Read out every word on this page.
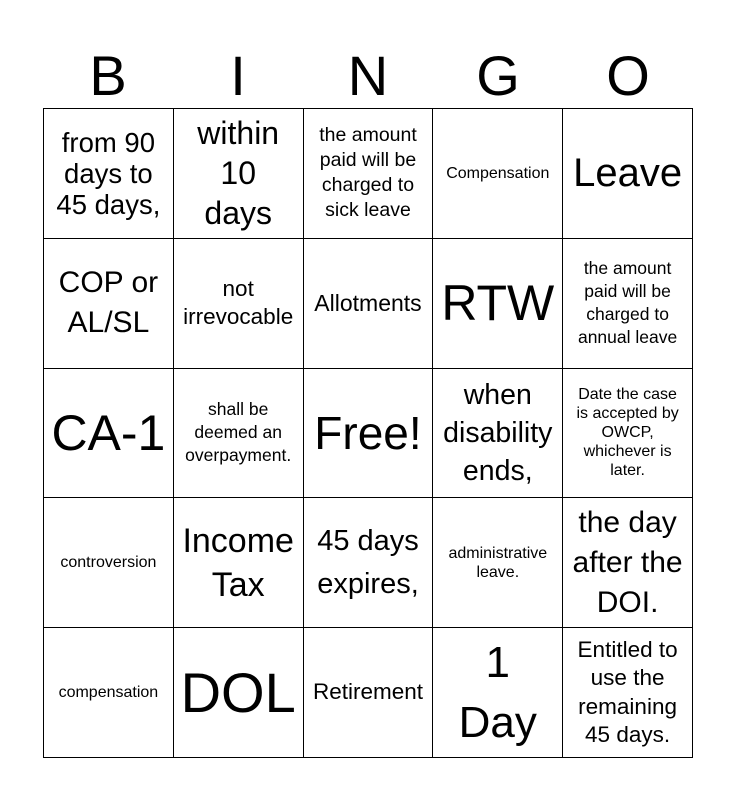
B	I	N	G	O
from 90
days to
45 days,
within
10
days
the amount
paid will be
charged to
sick leave
Compensation Leave
COP or
AL/SL
not
irrevocable
Allotments RTW
the amount
paid will be
charged to
annual leave
CA-1	shall be
deemed an
overpayment. Free!
when
disability
ends,
Date the case
is accepted by
OWCP,
whichever is
later.
controversion
Income
Tax
45 days
expires,
administrative
leave.
the day
after the
DOI.
compensation DOL Retirement
1
Day
Entitled to
use the
remaining
45 days.
